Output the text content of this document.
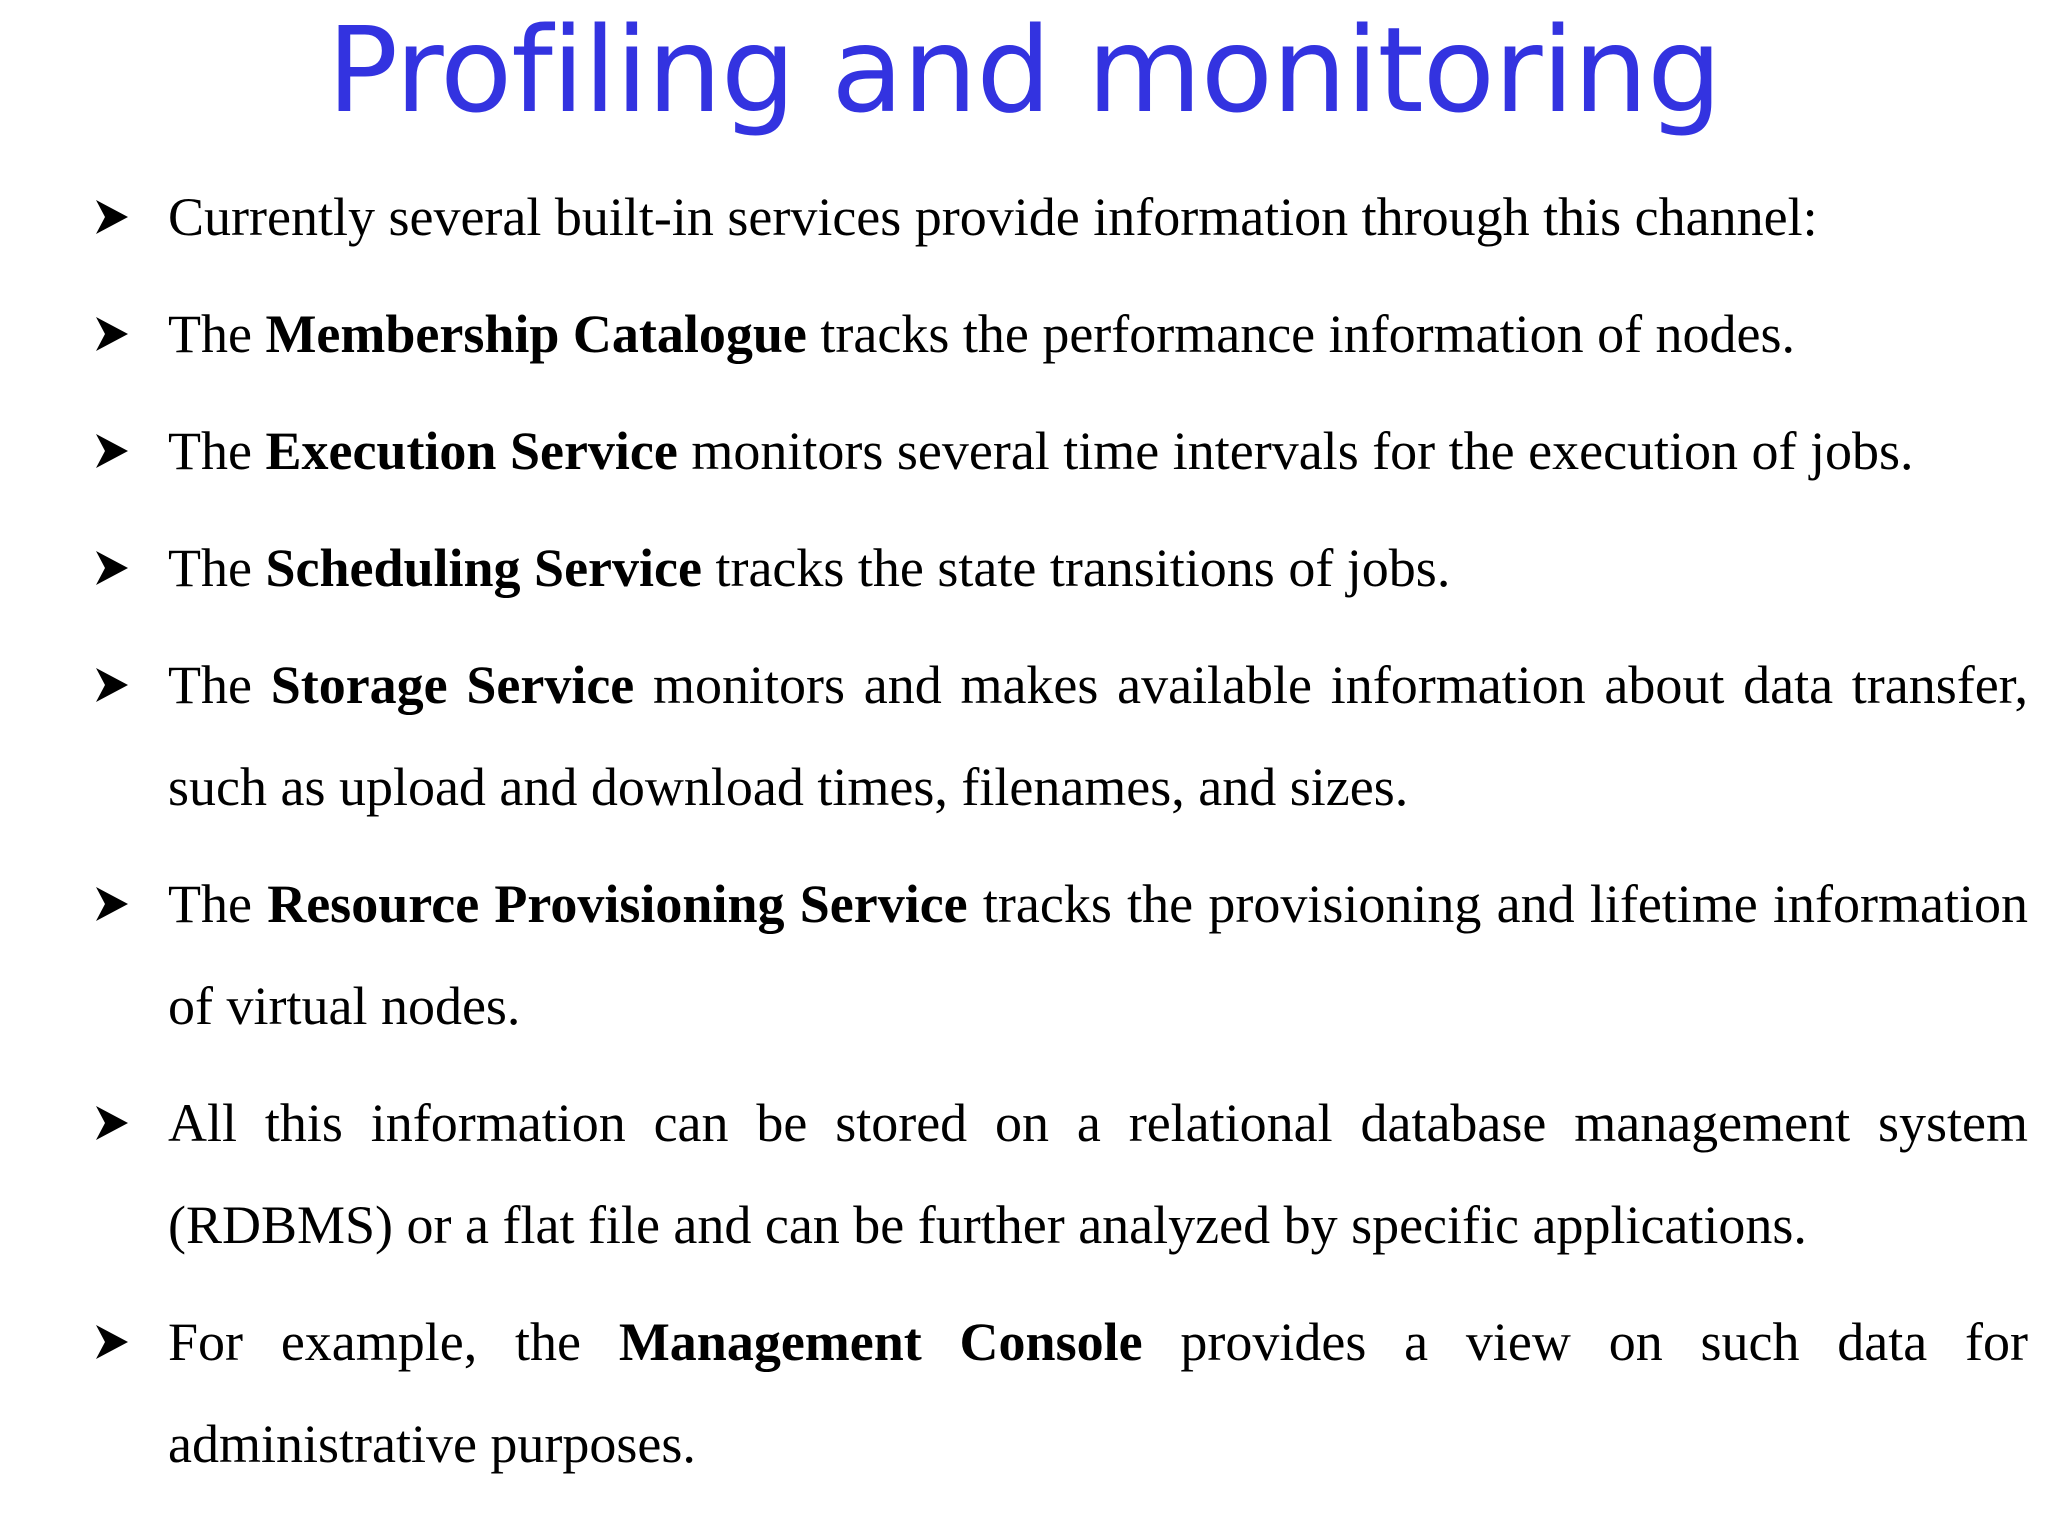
Profiling and monitoring
Currently several built-in services provide information through this channel:
The Membership Catalogue tracks the performance information of nodes.
The Execution Service monitors several time intervals for the execution of jobs.
The Scheduling Service tracks the state transitions of jobs.
The Storage Service monitors and makes available information about data transfer, such as upload and download times, filenames, and sizes.
The Resource Provisioning Service tracks the provisioning and lifetime information of virtual nodes.
All this information can be stored on a relational database management system (RDBMS) or a flat file and can be further analyzed by specific applications.
For example, the Management Console provides a view on such data for administrative purposes.
